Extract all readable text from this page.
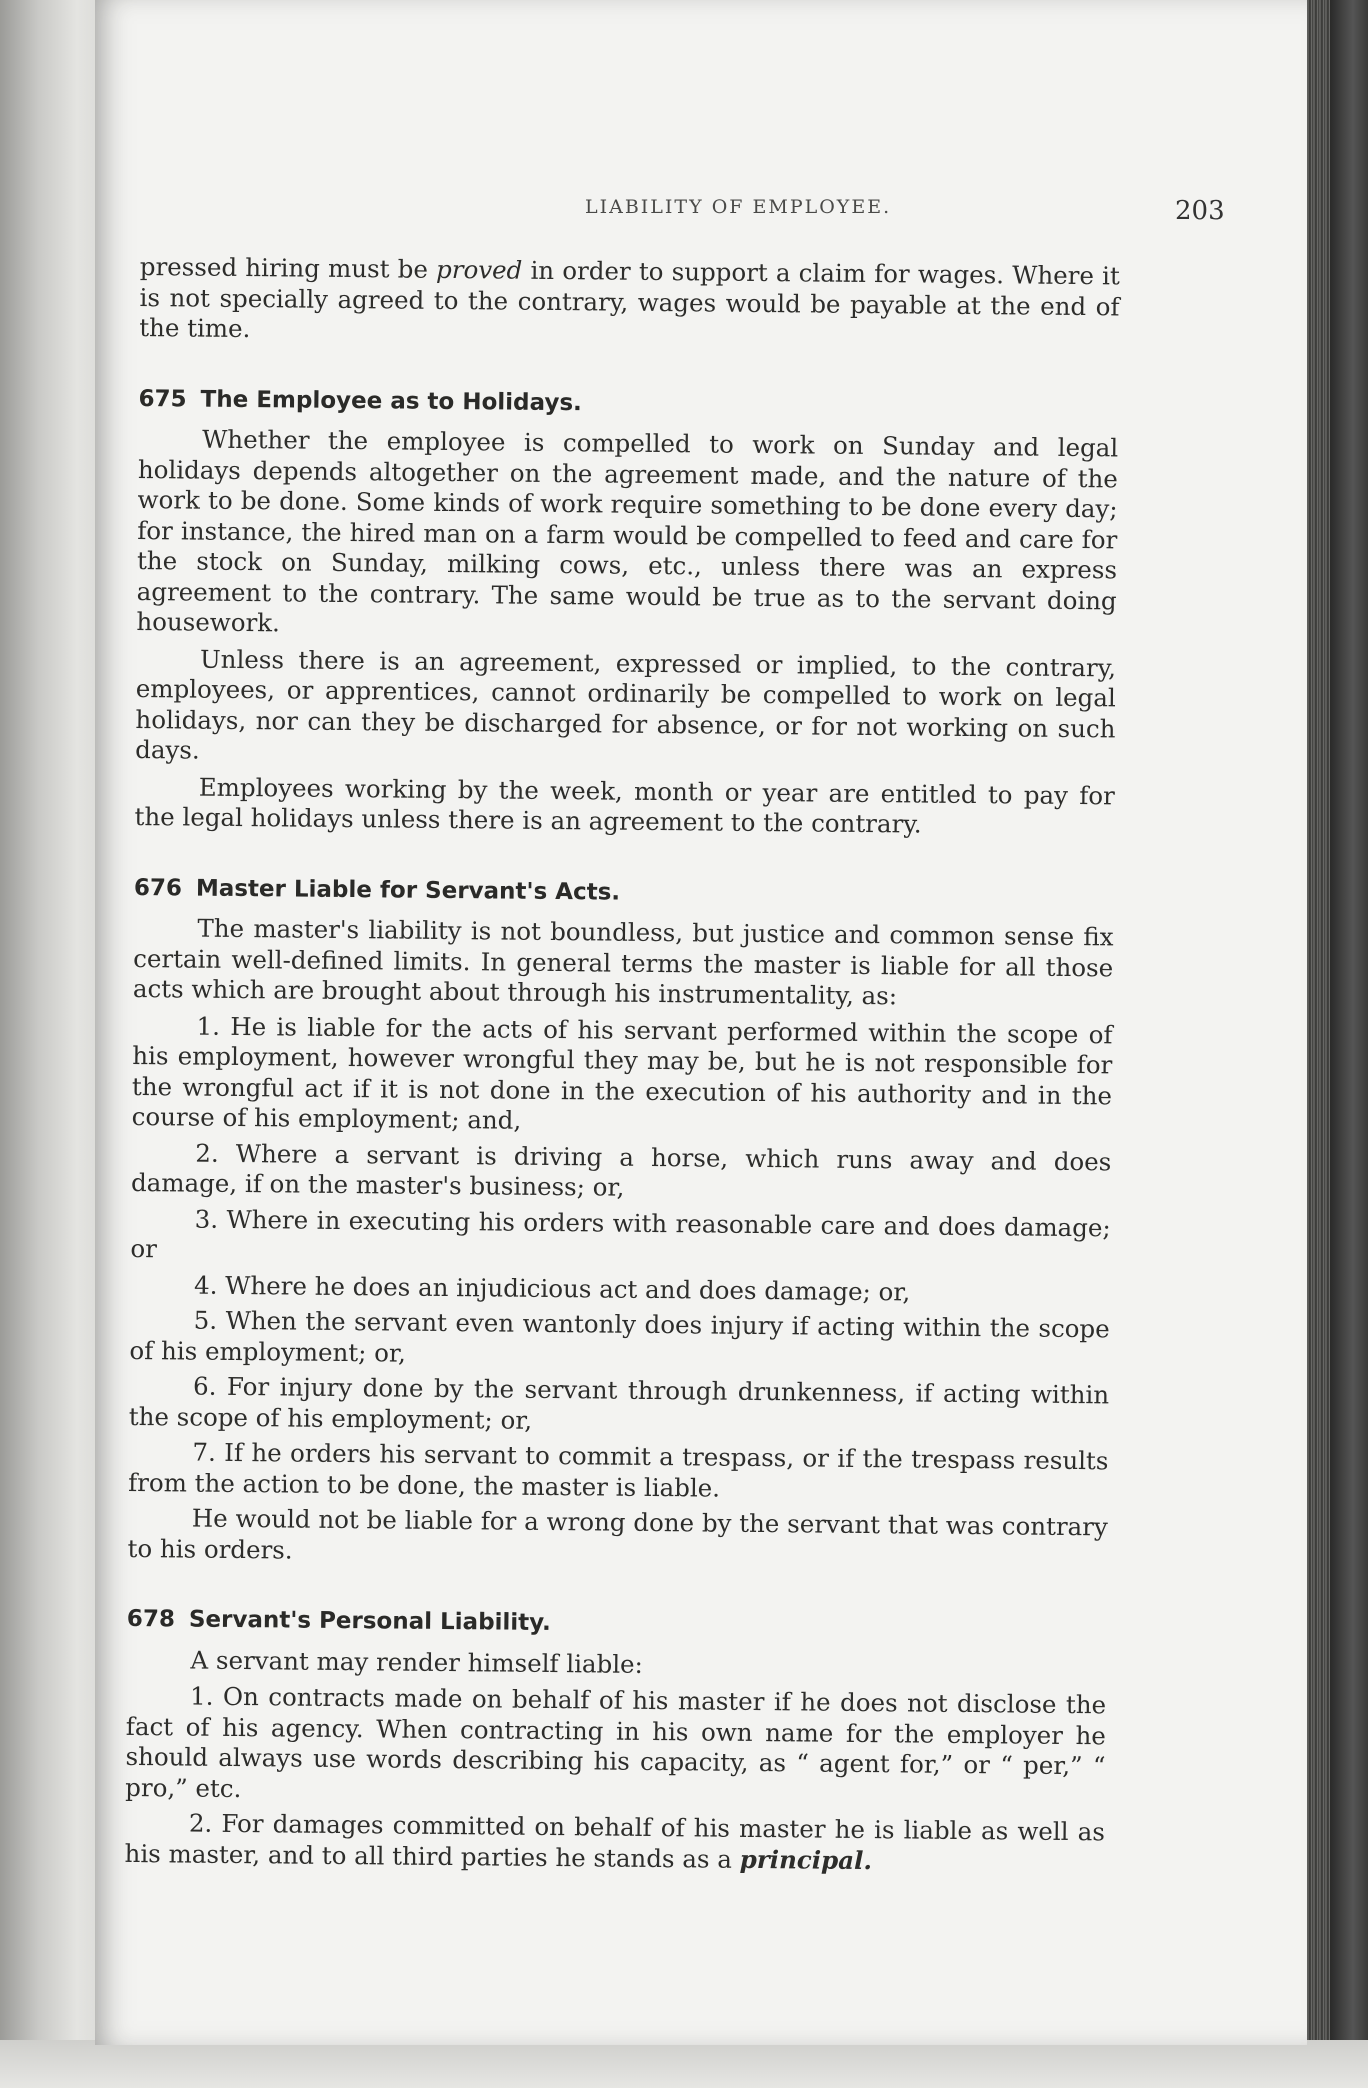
LIABILITY OF EMPLOYEE.	203

pressed hiring must be proved in order to support a claim for wages. Where it is not specially agreed to the contrary, wages would be payable at the end of the time.

675 The Employee as to Holidays.

Whether the employee is compelled to work on Sunday and legal holidays depends altogether on the agreement made, and the nature of the work to be done. Some kinds of work require something to be done every day; for instance, the hired man on a farm would be compelled to feed and care for the stock on Sunday, milking cows, etc., unless there was an express agreement to the contrary. The same would be true as to the servant doing housework.

Unless there is an agreement, expressed or implied, to the contrary, employees, or apprentices, cannot ordinarily be compelled to work on legal holidays, nor can they be discharged for absence, or for not working on such days.

Employees working by the week, month or year are entitled to pay for the legal holidays unless there is an agreement to the contrary.

676 Master Liable for Servant's Acts.

The master's liability is not boundless, but justice and common sense fix certain well-defined limits. In general terms the master is liable for all those acts which are brought about through his instrumentality, as:

1. He is liable for the acts of his servant performed within the scope of his employment, however wrongful they may be, but he is not responsible for the wrongful act if it is not done in the execution of his authority and in the course of his employment; and,

2. Where a servant is driving a horse, which runs away and does damage, if on the master's business; or,

3. Where in executing his orders with reasonable care and does damage; or

4. Where he does an injudicious act and does damage; or,

5. When the servant even wantonly does injury if acting within the scope of his employment; or,

6. For injury done by the servant through drunkenness, if acting within the scope of his employment; or,

7. If he orders his servant to commit a trespass, or if the trespass results from the action to be done, the master is liable.

He would not be liable for a wrong done by the servant that was contrary to his orders.

678 Servant's Personal Liability.

A servant may render himself liable:

1. On contracts made on behalf of his master if he does not disclose the fact of his agency. When contracting in his own name for the employer he should always use words describing his capacity, as “ agent for,” or “ per,” “ pro,” etc.

2. For damages committed on behalf of his master he is liable as well as his master, and to all third parties he stands as a principal.
